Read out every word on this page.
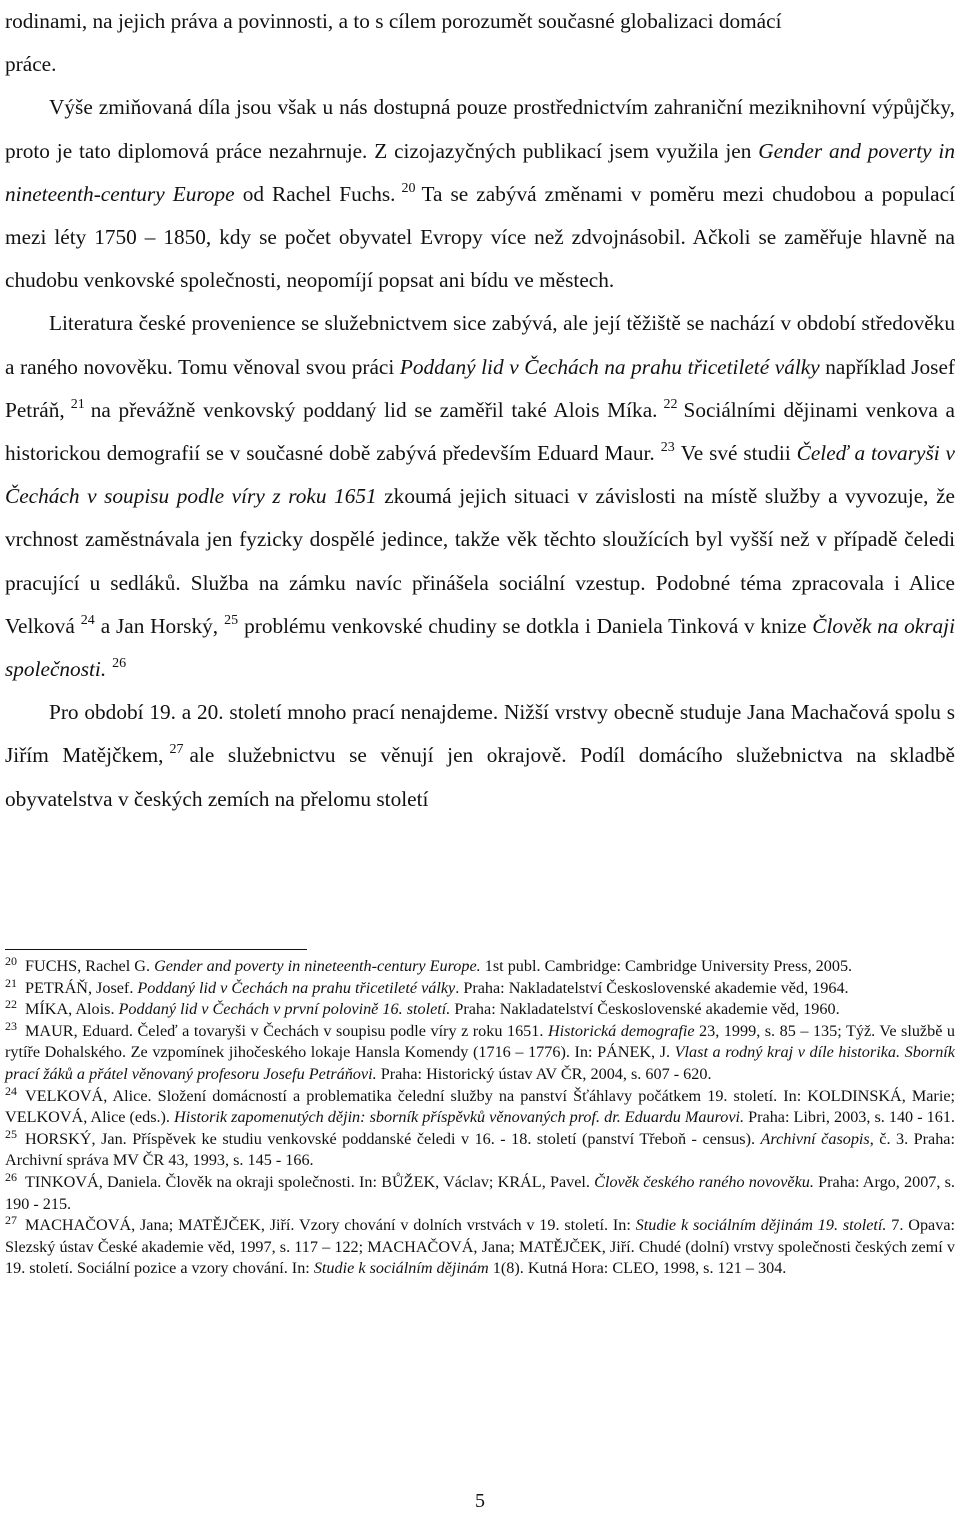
rodinami, na jejich práva a povinnosti, a to s cílem porozumět současné globalizaci domácí
práce.

Výše zmiňovaná díla jsou však u nás dostupná pouze prostřednictvím zahraniční meziknihovní výpůjčky, proto je tato diplomová práce nezahrnuje. Z cizojazyčných publikací jsem využila jen Gender and poverty in nineteenth-century Europe od Rachel Fuchs. $^{20}$ Ta se zabývá změnami v poměru mezi chudobou a populací mezi léty 1750 – 1850, kdy se počet obyvatel Evropy více než zdvojnásobil. Ačkoli se zaměřuje hlavně na chudobu venkovské společnosti, neopomíjí popsat ani bídu ve městech.

Literatura české provenience se služebnictvem sice zabývá, ale její těžiště se nachází v období středověku a raného novověku. Tomu věnoval svou práci Poddaný lid v Čechách na prahu třicetileté války například Josef Petráň, $^{21}$ na převážně venkovský poddaný lid se zaměřil také Alois Míka. $^{22}$ Sociálními dějinami venkova a historickou demografií se v současné době zabývá především Eduard Maur. $^{23}$ Ve své studii Čeleď a tovaryši v Čechách v soupisu podle víry z roku 1651 zkoumá jejich situaci v závislosti na místě služby a vyvozuje, že vrchnost zaměstnávala jen fyzicky dospělé jedince, takže věk těchto sloužících byl vyšší než v případě čeledi pracující u sedláků. Služba na zámku navíc přinášela sociální vzestup. Podobné téma zpracovala i Alice Velková $^{24}$ a Jan Horský, $^{25}$ problému venkovské chudiny se dotkla i Daniela Tinková v knize Člověk na okraji společnosti. $^{26}$

Pro období 19. a 20. století mnoho prací nenajdeme. Nižší vrstvy obecně studuje Jana Machačová spolu s Jiřím Matějčkem, $^{27}$ ale služebnictvu se věnují jen okrajově. Podíl domácího služebnictva na skladbě obyvatelstva v českých zemích na přelomu století

$^{20}$ FUCHS, Rachel G. Gender and poverty in nineteenth-century Europe. 1st publ. Cambridge: Cambridge University Press, 2005.

$^{21}$ PETRÁŇ, Josef. Poddaný lid v Čechách na prahu třicetileté války. Praha: Nakladatelství Československé akademie věd, 1964.

$^{22}$ MÍKA, Alois. Poddaný lid v Čechách v první polovině 16. století. Praha: Nakladatelství Československé akademie věd, 1960.

$^{23}$ MAUR, Eduard. Čeleď a tovaryši v Čechách v soupisu podle víry z roku 1651. Historická demografie 23, 1999, s. 85 – 135; Týž. Ve službě u rytíře Dohalského. Ze vzpomínek jihočeského lokaje Hansla Komendy (1716 – 1776). In: PÁNEK, J. Vlast a rodný kraj v díle historika. Sborník prací žáků a přátel věnovaný profesoru Josefu Petráňovi. Praha: Historický ústav AV ČR, 2004, s. 607 - 620.

$^{24}$ VELKOVÁ, Alice. Složení domácností a problematika čelední služby na panství Šťáhlavy počátkem 19. století. In: KOLDINSKÁ, Marie; VELKOVÁ, Alice (eds.). Historik zapomenutých dějin: sborník příspěvků věnovaných prof. dr. Eduardu Maurovi. Praha: Libri, 2003, s. 140 - 161.

$^{25}$ HORSKÝ, Jan. Příspěvek ke studiu venkovské poddanské čeledi v 16. - 18. století (panství Třeboň - census). Archivní časopis, č. 3. Praha: Archivní správa MV ČR 43, 1993, s. 145 - 166.

$^{26}$ TINKOVÁ, Daniela. Člověk na okraji společnosti. In: BŮŽEK, Václav; KRÁL, Pavel. Člověk českého raného novověku. Praha: Argo, 2007, s. 190 - 215.

$^{27}$ MACHAČOVÁ, Jana; MATĚJČEK, Jiří. Vzory chování v dolních vrstvách v 19. století. In: Studie k sociálním dějinám 19. století. 7. Opava: Slezský ústav České akademie věd, 1997, s. 117 – 122; MACHAČOVÁ, Jana; MATĚJČEK, Jiří. Chudé (dolní) vrstvy společnosti českých zemí v 19. století. Sociální pozice a vzory chování. In: Studie k sociálním dějinám 1(8). Kutná Hora: CLEO, 1998, s. 121 – 304.

5
